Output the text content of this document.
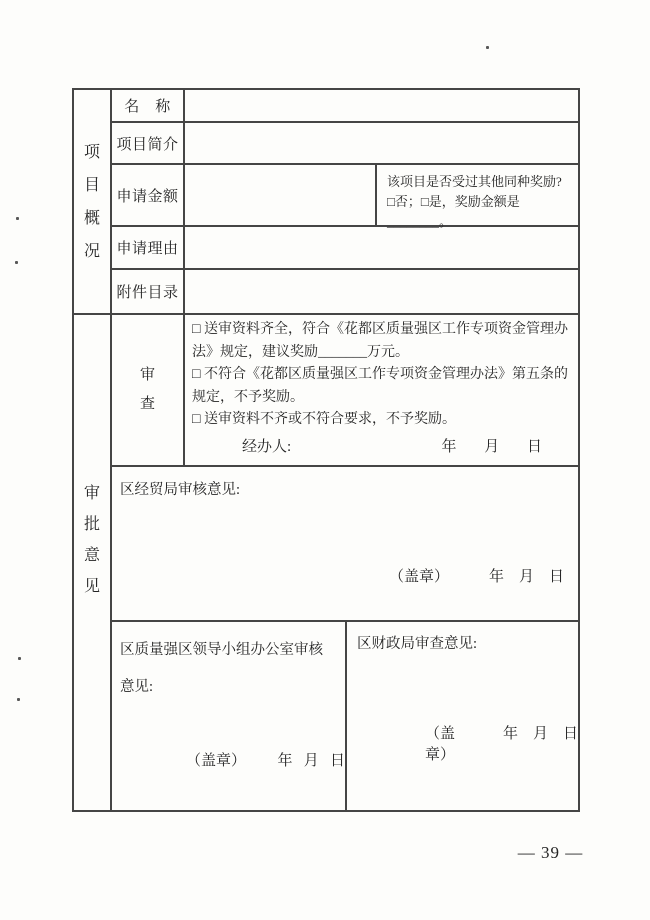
项目概况
名　称
项目简介
申请金额
该项目是否受过其他同种奖励?
□否；□是，奖励金额是________。
申请理由
附件目录
审批意见
审查
□ 送审资料齐全，符合《花都区质量强区工作专项资金管理办法》规定，建议奖励_______万元。
□ 不符合《花都区质量强区工作专项资金管理办法》第五条的规定，不予奖励。
□ 送审资料不齐或不符合要求，不予奖励。
经办人:	年 月 日
区经贸局审核意见:
（盖章）	年 月 日
区质量强区领导小组办公室审核意见:
（盖章） 年 月 日
区财政局审查意见:
（盖章）
年 月 日
— 39 —
